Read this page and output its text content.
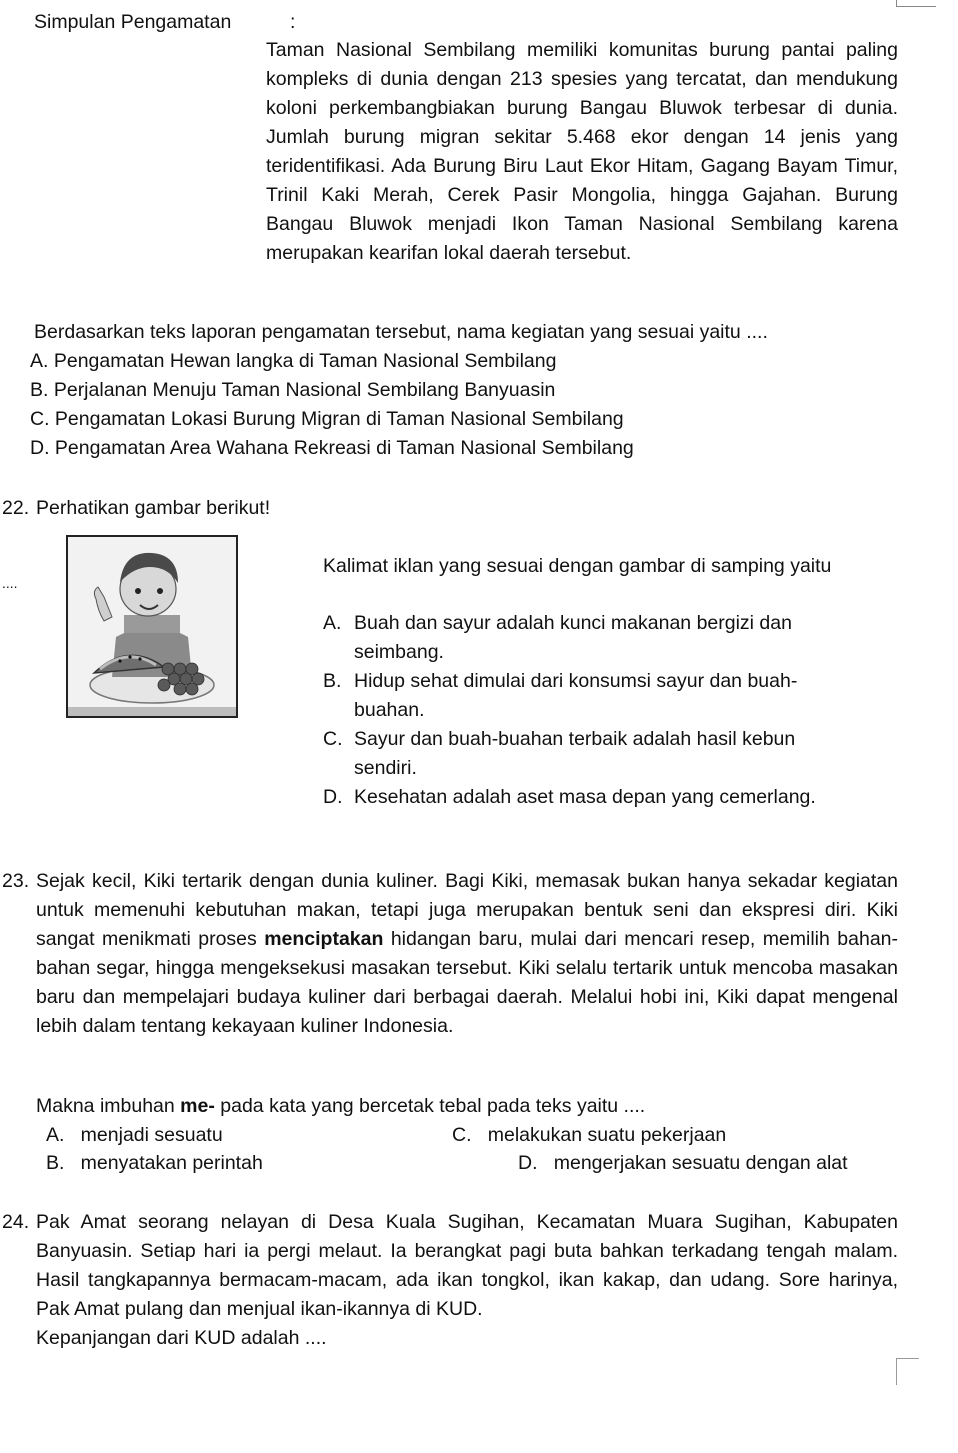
Simpulan Pengamatan	:
Taman Nasional Sembilang memiliki komunitas burung pantai paling kompleks di dunia dengan 213 spesies yang tercatat, dan mendukung koloni perkembangbiakan burung Bangau Bluwok terbesar di dunia. Jumlah burung migran sekitar 5.468 ekor dengan 14 jenis yang teridentifikasi. Ada Burung Biru Laut Ekor Hitam, Gagang Bayam Timur, Trinil Kaki Merah, Cerek Pasir Mongolia, hingga Gajahan. Burung Bangau Bluwok menjadi Ikon Taman Nasional Sembilang karena merupakan kearifan lokal daerah tersebut.
Berdasarkan teks laporan pengamatan tersebut, nama kegiatan yang sesuai yaitu ....
A. Pengamatan Hewan langka di Taman Nasional Sembilang
B. Perjalanan Menuju Taman Nasional Sembilang Banyuasin
C. Pengamatan Lokasi Burung Migran di Taman Nasional Sembilang
D. Pengamatan Area Wahana Rekreasi di Taman Nasional Sembilang
22. Perhatikan gambar berikut!
Kalimat iklan yang sesuai dengan gambar di samping yaitu
....
A. Buah dan sayur adalah kunci makanan bergizi dan
seimbang.
B. Hidup sehat dimulai dari konsumsi sayur dan buah-
buahan.
C. Sayur dan buah-buahan terbaik adalah hasil kebun
sendiri.
D. Kesehatan adalah aset masa depan yang cemerlang.
23. Sejak kecil, Kiki tertarik dengan dunia kuliner. Bagi Kiki, memasak bukan hanya sekadar kegiatan untuk memenuhi kebutuhan makan, tetapi juga merupakan bentuk seni dan ekspresi diri. Kiki sangat menikmati proses menciptakan hidangan baru, mulai dari mencari resep, memilih bahan-bahan segar, hingga mengeksekusi masakan tersebut. Kiki selalu tertarik untuk mencoba masakan baru dan mempelajari budaya kuliner dari berbagai daerah. Melalui hobi ini, Kiki dapat mengenal lebih dalam tentang kekayaan kuliner Indonesia.
Makna imbuhan me- pada kata yang bercetak tebal pada teks yaitu ....
A.   menjadi sesuatu	C.   melakukan suatu pekerjaan
B.   menyatakan perintah	D.   mengerjakan sesuatu dengan alat
24. Pak Amat seorang nelayan di Desa Kuala Sugihan, Kecamatan Muara Sugihan, Kabupaten Banyuasin. Setiap hari ia pergi melaut. Ia berangkat pagi buta bahkan terkadang tengah malam. Hasil tangkapannya bermacam-macam, ada ikan tongkol, ikan kakap, dan udang. Sore harinya, Pak Amat pulang dan menjual ikan-ikannya di KUD.
Kepanjangan dari KUD adalah ....
